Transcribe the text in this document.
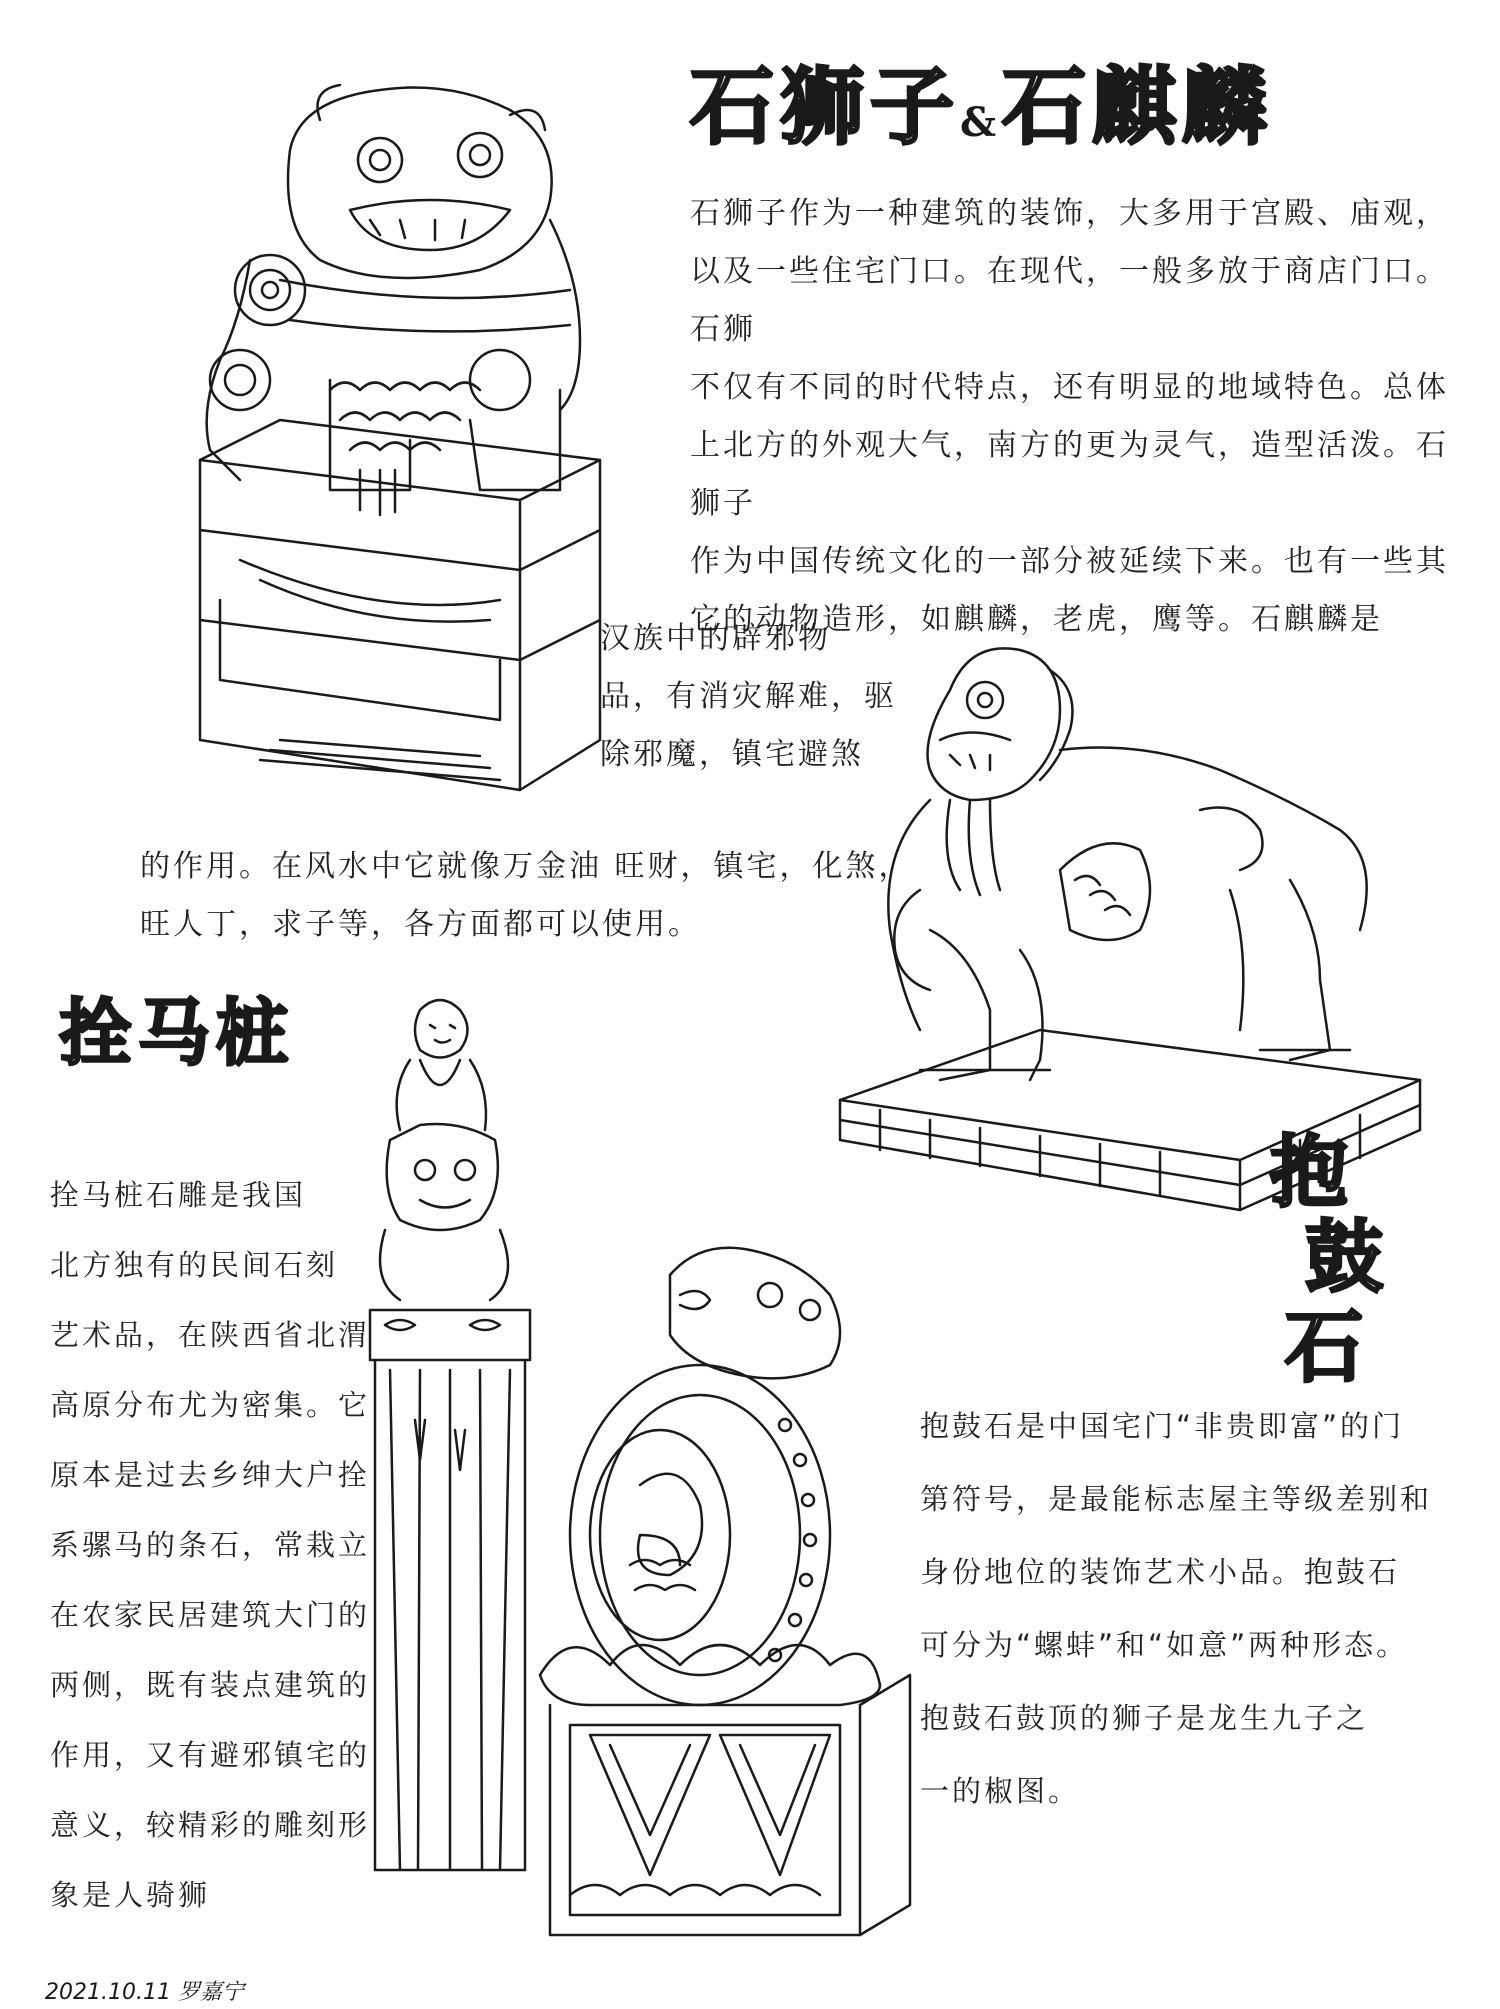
石狮子&石麒麟
石狮子作为一种建筑的装饰，大多用于宫殿、庙观，
以及一些住宅门口。在现代，一般多放于商店门口。石狮
不仅有不同的时代特点，还有明显的地域特色。总体
上北方的外观大气，南方的更为灵气，造型活泼。石狮子
作为中国传统文化的一部分被延续下来。也有一些其
它的动物造形，如麒麟，老虎，鹰等。石麒麟是
汉族中的辟邪物
品，有消灾解难，驱
除邪魔，镇宅避煞
的作用。在风水中它就像万金油 旺财，镇宅，化煞，
旺人丁，求子等，各方面都可以使用。
拴马桩
拴马桩石雕是我国
北方独有的民间石刻
艺术品，在陕西省北渭
高原分布尤为密集。它
原本是过去乡绅大户拴
系骡马的条石，常栽立
在农家民居建筑大门的
两侧，既有装点建筑的
作用，又有避邪镇宅的
意义，较精彩的雕刻形
象是人骑狮
抱
鼓
石
抱鼓石是中国宅门“非贵即富”的门
第符号，是最能标志屋主等级差别和
身份地位的装饰艺术小品。抱鼓石
可分为“螺蚌”和“如意”两种形态。
抱鼓石鼓顶的狮子是龙生九子之
一的椒图。
2021.10.11 罗嘉宁
